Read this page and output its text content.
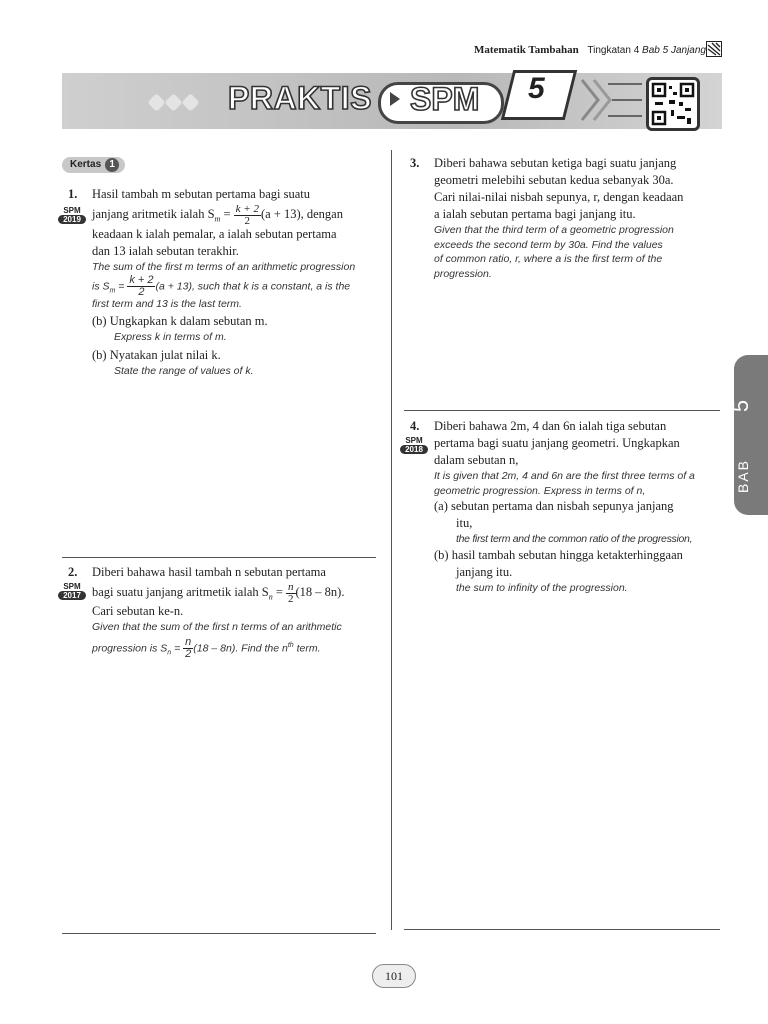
Matematik Tambahan Tingkatan 4 Bab 5 Janjang
PRAKTIS SPM 5
5
BAB
Kertas 1
1.
SPM
2019
Hasil tambah m sebutan pertama bagi suatu
janjang aritmetik ialah $S_m = \frac{k + 2}{2} (a + 13)$, dengan
keadaan k ialah pemalar, a ialah sebutan pertama
dan 13 ialah sebutan terakhir.
The sum of the first m terms of an arithmetic progression
is $S_m = \frac{k + 2}{2} (a + 13)$, such that k is a constant, a is the
first term and 13 is the last term.
(b) Ungkapkan k dalam sebutan m.
Express k in terms of m.
(b) Nyatakan julat nilai k.
State the range of values of k.
2.
SPM
2017
Diberi bahawa hasil tambah n sebutan pertama
bagi suatu janjang aritmetik ialah $S_n = \frac{n}{2} (18 - 8n)$.
Cari sebutan ke-n.
Given that the sum of the first n terms of an arithmetic
progression is $S_n = \frac{n}{2} (18 - 8n)$. Find the $n^{th}$ term.
3. Diberi bahawa sebutan ketiga bagi suatu janjang
geometri melebihi sebutan kedua sebanyak 30a.
Cari nilai-nilai nisbah sepunya, r, dengan keadaan
a ialah sebutan pertama bagi janjang itu.
Given that the third term of a geometric progression
exceeds the second term by 30a. Find the values
of common ratio, r, where a is the first term of the
progression.
4.
SPM
2018
Diberi bahawa 2m, 4 dan 6n ialah tiga sebutan
pertama bagi suatu janjang geometri. Ungkapkan
dalam sebutan n,
It is given that 2m, 4 and 6n are the first three terms of a
geometric progression. Express in terms of n,
(a) sebutan pertama dan nisbah sepunya janjang
itu,
the first term and the common ratio of the progression,
(b) hasil tambah sebutan hingga ketakterhinggaan
janjang itu.
the sum to infinity of the progression.
101
